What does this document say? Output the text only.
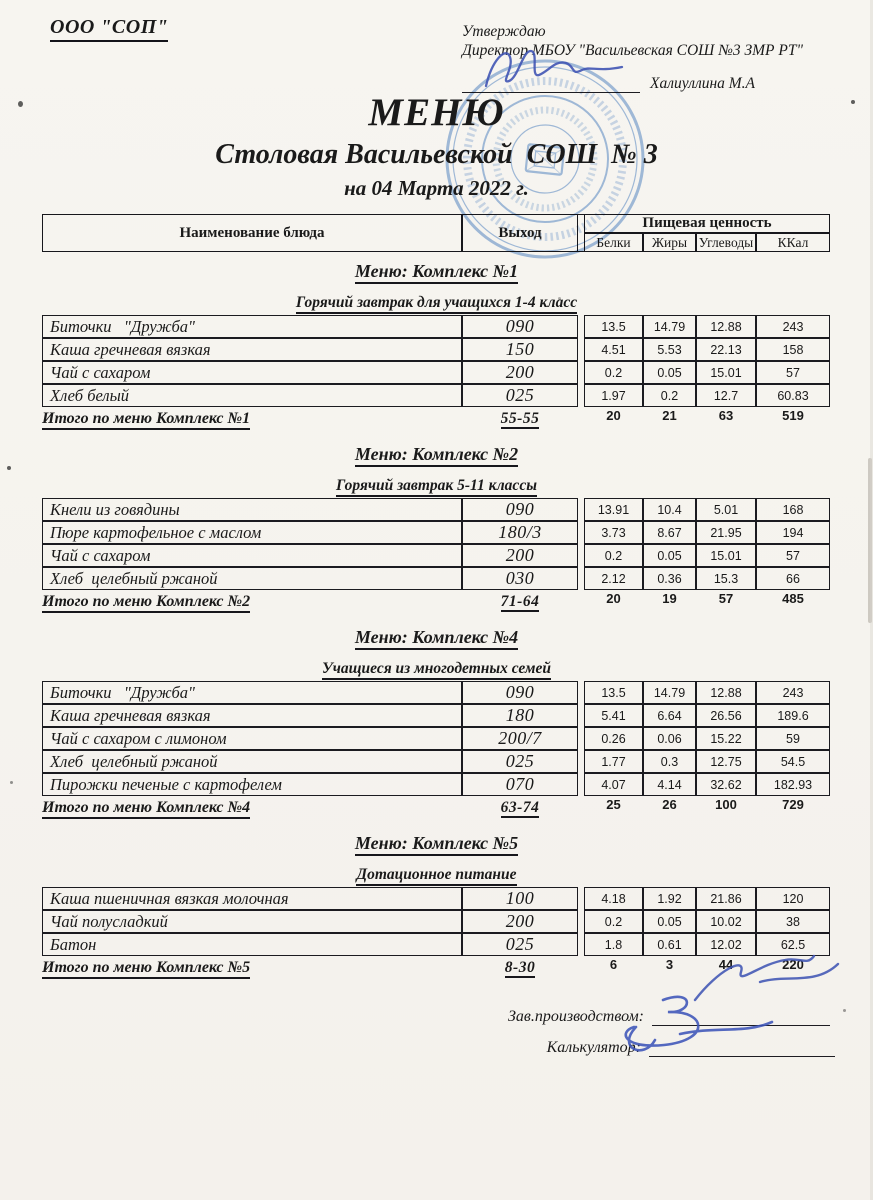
ООО "СОП"	Утверждаю
Директор МБОУ "Васильевская СОШ №3 ЗМР РТ"
Халиуллина М.А
МЕНЮ
Столовая Васильевской  СОШ  № 3
на 04 Марта 2022 г.
Наименование блюда	Выход
Пищевая ценность
Белки	Жиры Углеводы	ККал
Меню: Комплекс №1
Горячий завтрак для учащихся 1-4 класс
Биточки   "Дружба"	090	13.5	14.79	12.88	243
Каша гречневая вязкая	150	4.51	5.53	22.13	158
Чай с сахаром	200	0.2	0.05	15.01	57
Хлеб белый	025	1.97	0.2	12.7	60.83
Итого по меню Комплекс №1	55-55	20	21	63	519
Меню: Комплекс №2
Горячий завтрак 5-11 классы
Кнели из говядины	090	13.91	10.4	5.01	168
Пюре картофельное с маслом	180/3	3.73	8.67	21.95	194
Чай с сахаром	200	0.2	0.05	15.01	57
Хлеб  целебный ржаной	030	2.12	0.36	15.3	66
Итого по меню Комплекс №2	71-64	20	19	57	485
Меню: Комплекс №4
Учащиеся из многодетных семей
Биточки   "Дружба"	090	13.5	14.79	12.88	243
Каша гречневая вязкая	180	5.41	6.64	26.56	189.6
Чай с сахаром с лимоном	200/7	0.26	0.06	15.22	59
Хлеб  целебный ржаной	025	1.77	0.3	12.75	54.5
Пирожки печеные с картофелем	070	4.07	4.14	32.62	182.93
Итого по меню Комплекс №4	63-74	25	26	100	729
Меню: Комплекс №5
Дотационное питание
Каша пшеничная вязкая молочная	100	4.18	1.92	21.86	120
Чай полусладкий	200	0.2	0.05	10.02	38
Батон	025	1.8	0.61	12.02	62.5
Итого по меню Комплекс №5	8-30	6	3	44	220
Зав.производством:
Калькулятор:
